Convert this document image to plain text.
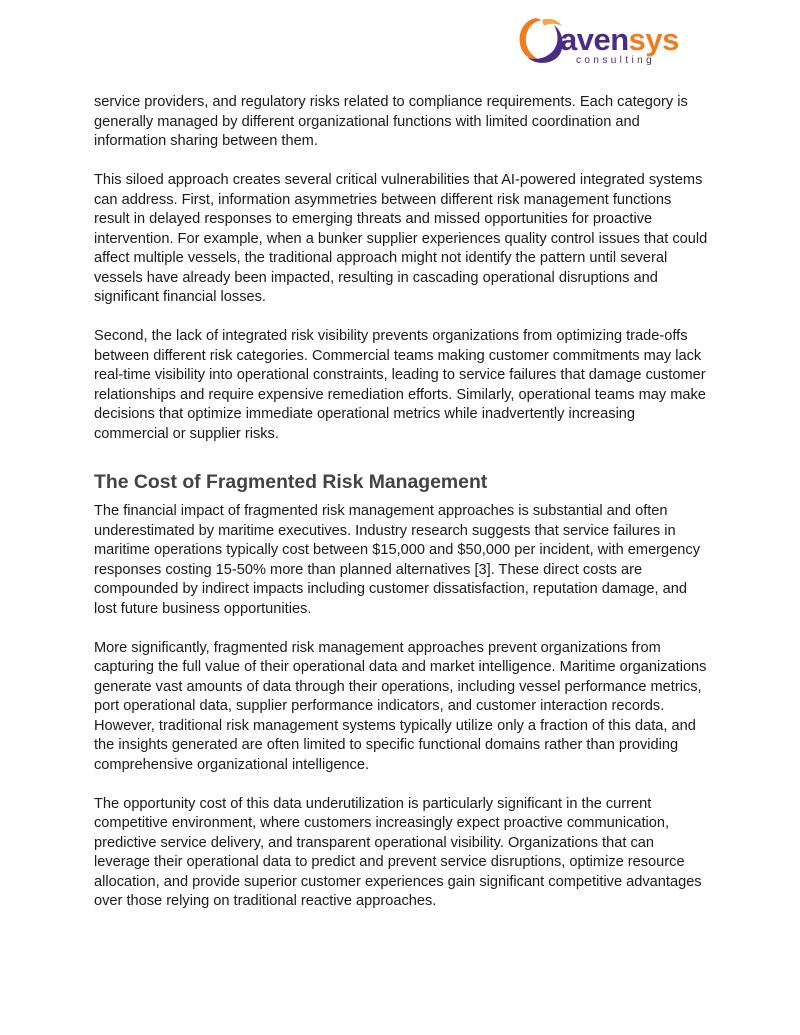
avensys
consulting

service providers, and regulatory risks related to compliance requirements. Each category is generally managed by different organizational functions with limited coordination and information sharing between them.

This siloed approach creates several critical vulnerabilities that AI-powered integrated systems can address. First, information asymmetries between different risk management functions result in delayed responses to emerging threats and missed opportunities for proactive intervention. For example, when a bunker supplier experiences quality control issues that could affect multiple vessels, the traditional approach might not identify the pattern until several vessels have already been impacted, resulting in cascading operational disruptions and significant financial losses.

Second, the lack of integrated risk visibility prevents organizations from optimizing trade-offs between different risk categories. Commercial teams making customer commitments may lack real-time visibility into operational constraints, leading to service failures that damage customer relationships and require expensive remediation efforts. Similarly, operational teams may make decisions that optimize immediate operational metrics while inadvertently increasing commercial or supplier risks.

The Cost of Fragmented Risk Management

The financial impact of fragmented risk management approaches is substantial and often underestimated by maritime executives. Industry research suggests that service failures in maritime operations typically cost between $15,000 and $50,000 per incident, with emergency responses costing 15-50% more than planned alternatives [3]. These direct costs are compounded by indirect impacts including customer dissatisfaction, reputation damage, and lost future business opportunities.

More significantly, fragmented risk management approaches prevent organizations from capturing the full value of their operational data and market intelligence. Maritime organizations generate vast amounts of data through their operations, including vessel performance metrics, port operational data, supplier performance indicators, and customer interaction records. However, traditional risk management systems typically utilize only a fraction of this data, and the insights generated are often limited to specific functional domains rather than providing comprehensive organizational intelligence.

The opportunity cost of this data underutilization is particularly significant in the current competitive environment, where customers increasingly expect proactive communication, predictive service delivery, and transparent operational visibility. Organizations that can leverage their operational data to predict and prevent service disruptions, optimize resource allocation, and provide superior customer experiences gain significant competitive advantages over those relying on traditional reactive approaches.
